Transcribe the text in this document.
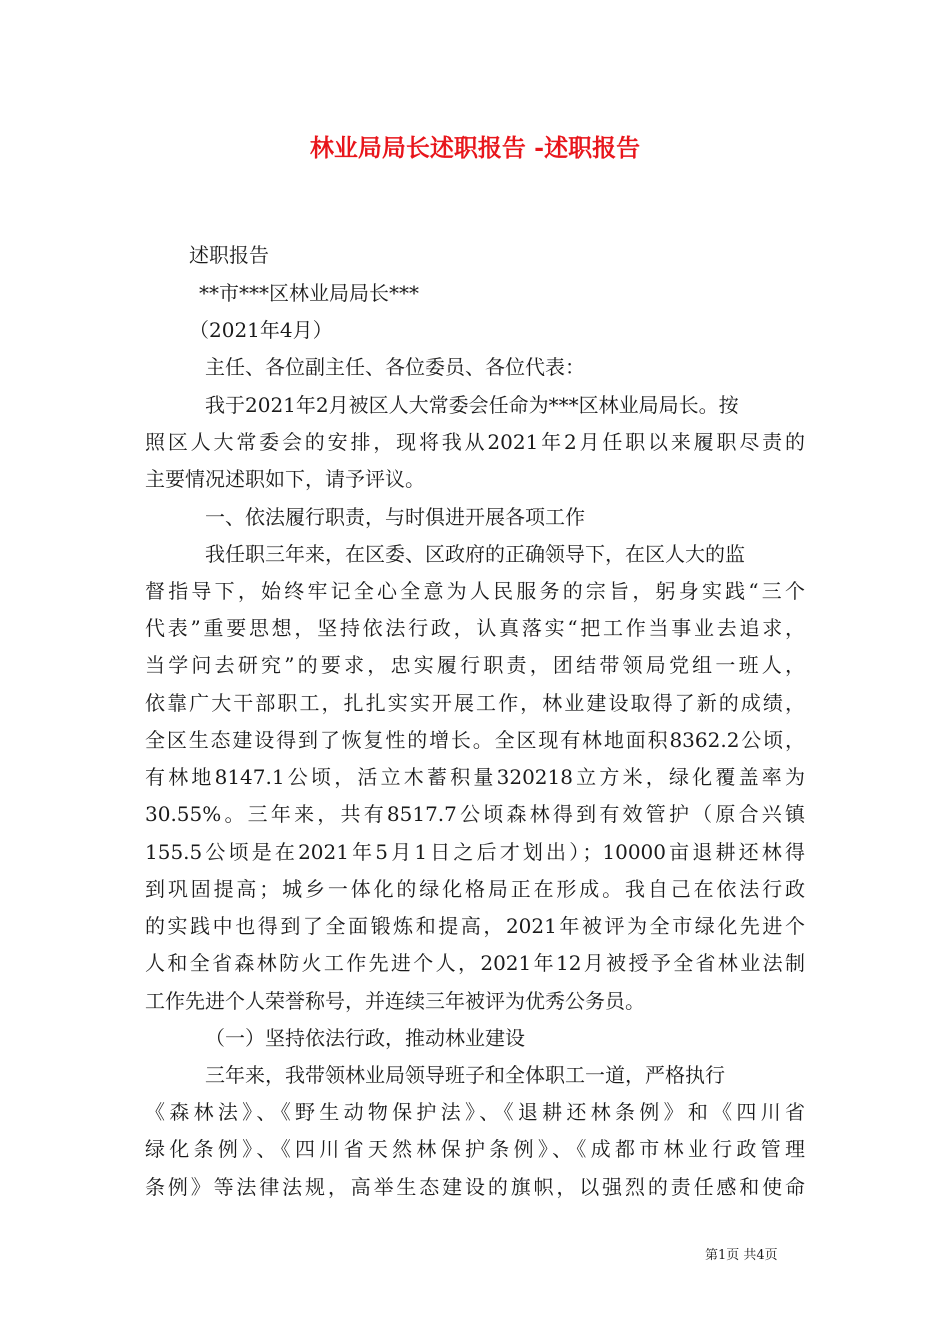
林业局局长述职报告 -述职报告
述职报告
**市***区林业局局长***
（2021年4月）
主任、各位副主任、各位委员、各位代表：
我于2021年2月被区人大常委会任命为***区林业局局长。按
照区人大常委会的安排，现将我从2021年2月任职以来履职尽责的
主要情况述职如下，请予评议。
一、依法履行职责，与时俱进开展各项工作
我任职三年来，在区委、区政府的正确领导下，在区人大的监
督指导下，始终牢记全心全意为人民服务的宗旨，躬身实践“三个
代表”重要思想，坚持依法行政，认真落实“把工作当事业去追求，
当学问去研究”的要求，忠实履行职责，团结带领局党组一班人，
依靠广大干部职工，扎扎实实开展工作，林业建设取得了新的成绩，
全区生态建设得到了恢复性的增长。全区现有林地面积8362.2公顷，
有林地8147.1公顷，活立木蓄积量320218立方米，绿化覆盖率为
30.55%。三年来，共有8517.7公顷森林得到有效管护（原合兴镇
155.5公顷是在2021年5月1日之后才划出）；10000亩退耕还林得
到巩固提高；城乡一体化的绿化格局正在形成。我自己在依法行政
的实践中也得到了全面锻炼和提高，2021年被评为全市绿化先进个
人和全省森林防火工作先进个人，2021年12月被授予全省林业法制
工作先进个人荣誉称号，并连续三年被评为优秀公务员。
（一）坚持依法行政，推动林业建设
三年来，我带领林业局领导班子和全体职工一道，严格执行
《森林法》、《野生动物保护法》、《退耕还林条例》和《四川省
绿化条例》、《四川省天然林保护条例》、《成都市林业行政管理
条例》等法律法规，高举生态建设的旗帜，以强烈的责任感和使命
第1页 共4页
